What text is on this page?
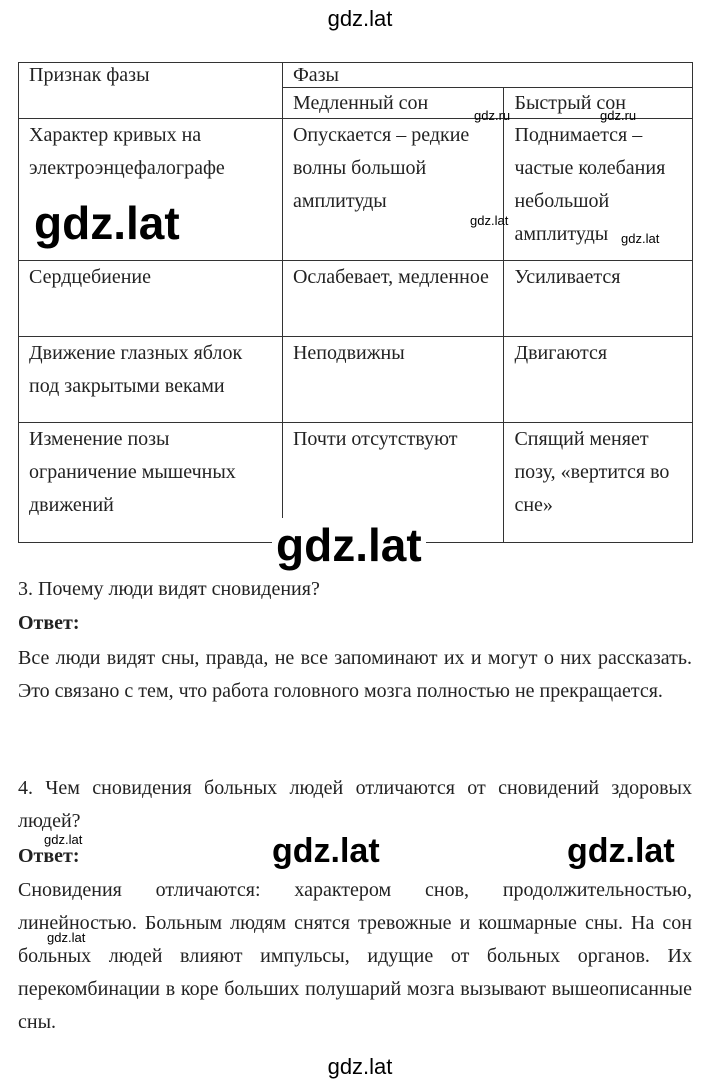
gdz.lat
Признак фазы	Фазы	
	Медленный сон	Быстрый сон
Характер кривых на электроэнцефалографе	Опускается – редкие волны большой амплитуды	Поднимается – частые колебания небольшой амплитуды
Сердцебиение	Ослабевает, медленное	Усиливается
Движение глазных яблок под закрытыми веками	Неподвижны	Двигаются
Изменение позы ограничение мышечных движений	Почти отсутствуют	Спящий меняет позу, «вертится во сне»
3. Почему люди видят сновидения?
Ответ:
Все люди видят сны, правда, не все запоминают их и могут о них рассказать. Это связано с тем, что работа головного мозга полностью не прекращается.
4. Чем сновидения больных людей отличаются от сновидений здоровых людей?
Ответ:
Сновидения отличаются: характером снов, продолжительностью, линейностью. Больным людям снятся тревожные и кошмарные сны. На сон больных людей влияют импульсы, идущие от больных органов. Их перекомбинации в коре больших полушарий мозга вызывают вышеописанные сны.
gdz.lat
gdz.lat
gdz.lat	gdz.lat
gdz.ru	gdz.ru
gdz.lat
gdz.lat
gdz.lat
gdz.lat
gdz.lat
